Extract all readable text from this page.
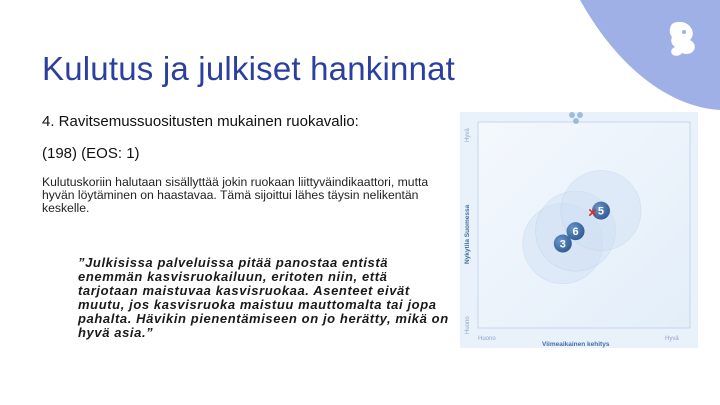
Kulutus ja julkiset hankinnat
4. Ravitsemussuositusten mukainen ruokavalio:
(198) (EOS: 1)
Kulutuskoriin halutaan sisällyttää jokin ruokaan liittyväindikaattori, mutta hyvän löytäminen on haastavaa. Tämä sijoittui lähes täysin nelikentän keskelle.
”Julkisissa palveluissa pitää panostaa entistä enemmän kasvisruokailuun, eritoten niin, että tarjotaan maistuvaa kasvisruokaa. Asenteet eivät muutu, jos kasvisruoka maistuu mauttomalta tai jopa pahalta. Hävikin pienentämiseen on jo herätty, mikä on hyvä asia.”
Nykytila Suomessa
Hyvä
Huono
Huono	Hyvä
Viimeaikainen kehitys
3
6
5
×
